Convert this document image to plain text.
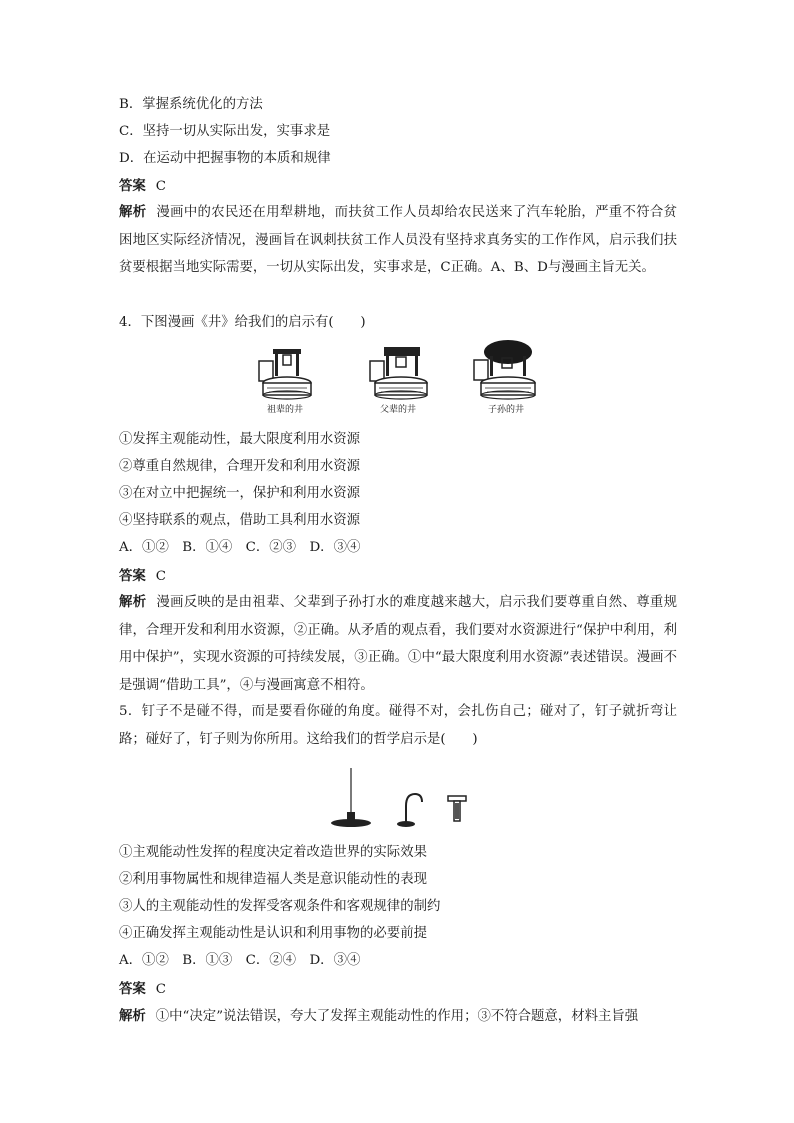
B．掌握系统优化的方法
C．坚持一切从实际出发，实事求是
D．在运动中把握事物的本质和规律
答案 C
解析 漫画中的农民还在用犁耕地，而扶贫工作人员却给农民送来了汽车轮胎，严重不符合贫困地区实际经济情况，漫画旨在讽刺扶贫工作人员没有坚持求真务实的工作作风，启示我们扶贫要根据当地实际需要，一切从实际出发，实事求是，C正确。A、B、D与漫画主旨无关。
4．下图漫画《井》给我们的启示有(　　)
祖辈的井	父辈的井	子孙的井
①发挥主观能动性，最大限度利用水资源
②尊重自然规律，合理开发和利用水资源
③在对立中把握统一，保护和利用水资源
④坚持联系的观点，借助工具利用水资源
A．①②　B．①④　C．②③　D．③④
答案 C
解析 漫画反映的是由祖辈、父辈到子孙打水的难度越来越大，启示我们要尊重自然、尊重规律，合理开发和利用水资源，②正确。从矛盾的观点看，我们要对水资源进行“保护中利用，利用中保护”，实现水资源的可持续发展，③正确。①中“最大限度利用水资源”表述错误。漫画不是强调“借助工具”，④与漫画寓意不相符。
5．钉子不是碰不得，而是要看你碰的角度。碰得不对，会扎伤自己；碰对了，钉子就折弯让路；碰好了，钉子则为你所用。这给我们的哲学启示是(　　)
①主观能动性发挥的程度决定着改造世界的实际效果
②利用事物属性和规律造福人类是意识能动性的表现
③人的主观能动性的发挥受客观条件和客观规律的制约
④正确发挥主观能动性是认识和利用事物的必要前提
A．①②　B．①③　C．②④　D．③④
答案 C
解析 ①中“决定”说法错误，夸大了发挥主观能动性的作用；③不符合题意，材料主旨强
